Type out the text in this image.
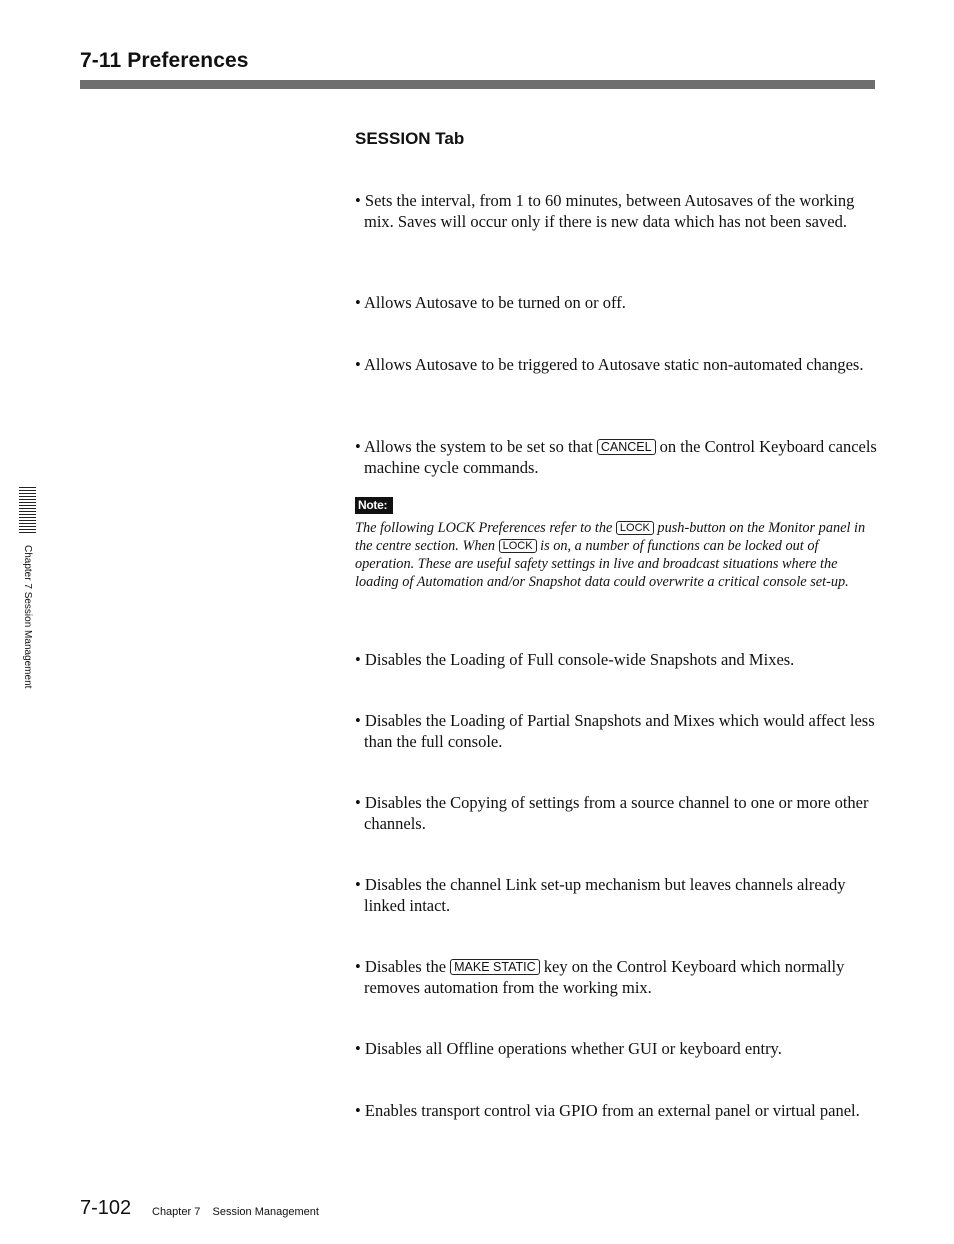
7-11 Preferences
Chapter 7 Session Management
SESSION Tab

• Sets the interval, from 1 to 60 minutes, between Autosaves of the working mix. Saves will occur only if there is new data which has not been saved.

• Allows Autosave to be turned on or off.

• Allows Autosave to be triggered to Autosave static non-automated changes.

• Allows the system to be set so that CANCEL on the Control Keyboard cancels machine cycle commands.

Note:

The following LOCK Preferences refer to the LOCK push-button on the Monitor panel in the centre section. When LOCK is on, a number of functions can be locked out of operation. These are useful safety settings in live and broadcast situations where the loading of Automation and/or Snapshot data could overwrite a critical console set-up.

• Disables the Loading of Full console-wide Snapshots and Mixes.

• Disables the Loading of Partial Snapshots and Mixes which would affect less than the full console.

• Disables the Copying of settings from a source channel to one or more other channels.

• Disables the channel Link set-up mechanism but leaves channels already linked intact.

• Disables the MAKE STATIC key on the Control Keyboard which normally removes automation from the working mix.

• Disables all Offline operations whether GUI or keyboard entry.

• Enables transport control via GPIO from an external panel or virtual panel.

7-102 Chapter 7    Session Management
